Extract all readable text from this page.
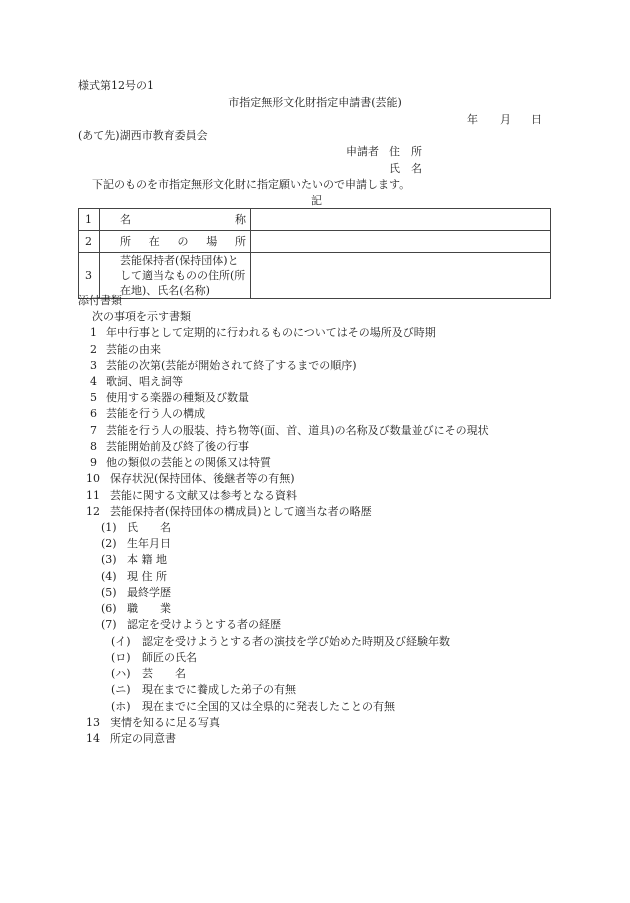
様式第12号の1
市指定無形文化財指定申請書(芸能)
年 月 日
(あて先)湖西市教育委員会
申請者 住　所
氏　名
下記のものを市指定無形文化財に指定願いたいので申請します。
記
1	名 称	

2	所 在 の 場 所	

3	芸能保持者(保持団体)として適当なものの住所(所在地)、氏名(名称)	

添付書類
次の事項を示す書類
1 年中行事として定期的に行われるものについてはその場所及び時期
2 芸能の由来
3 芸能の次第(芸能が開始されて終了するまでの順序)
4 歌詞、唱え詞等
5 使用する楽器の種類及び数量
6 芸能を行う人の構成
7 芸能を行う人の服装、持ち物等(面、首、道具)の名称及び数量並びにその現状
8 芸能開始前及び終了後の行事
9 他の類似の芸能との関係又は特質
10 保存状況(保持団体、後継者等の有無)
11 芸能に関する文献又は参考となる資料
12 芸能保持者(保持団体の構成員)として適当な者の略歴
(1) 氏　　名
(2) 生年月日
(3) 本 籍 地
(4) 現 住 所
(5) 最終学歴
(6) 職　　業
(7) 認定を受けようとする者の経歴
(イ) 認定を受けようとする者の演技を学び始めた時期及び経験年数
(ロ) 師匠の氏名
(ハ) 芸　　名
(ニ) 現在までに養成した弟子の有無
(ホ) 現在までに全国的又は全県的に発表したことの有無
13 実情を知るに足る写真
14 所定の同意書
